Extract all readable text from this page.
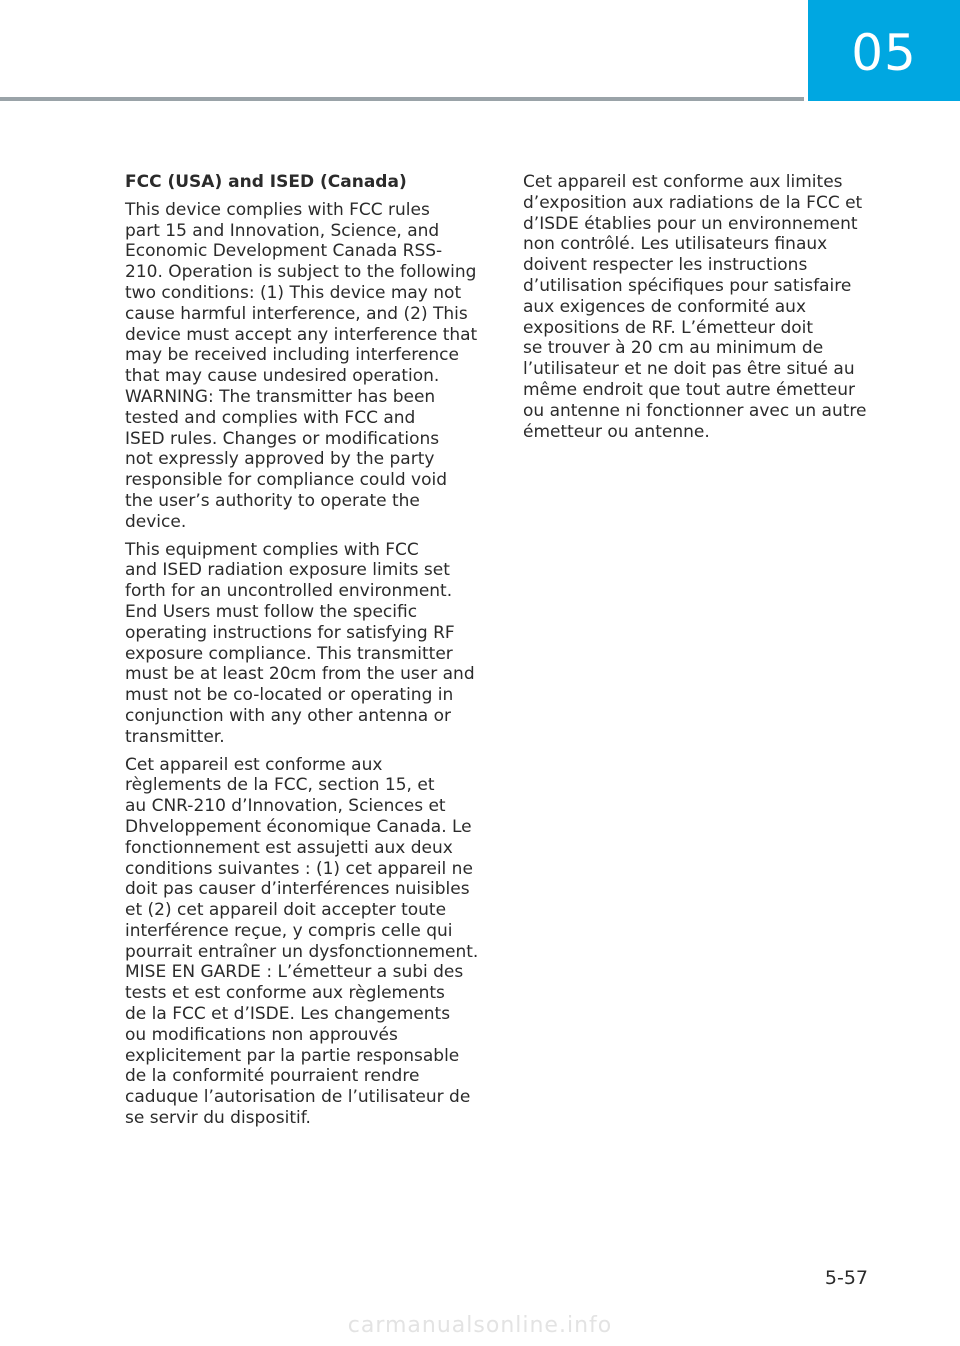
05

FCC (USA) and ISED (Canada)

This device complies with FCC rules
part 15 and Innovation, Science, and
Economic Development Canada RSS-
210. Operation is subject to the following
two conditions: (1) This device may not
cause harmful interference, and (2) This
device must accept any interference that
may be received including interference
that may cause undesired operation.
WARNING: The transmitter has been
tested and complies with FCC and
ISED rules. Changes or modifications
not expressly approved by the party
responsible for compliance could void
the user’s authority to operate the
device.

This equipment complies with FCC
and ISED radiation exposure limits set
forth for an uncontrolled environment.
End Users must follow the specific
operating instructions for satisfying RF
exposure compliance. This transmitter
must be at least 20cm from the user and
must not be co-located or operating in
conjunction with any other antenna or
transmitter.

Cet appareil est conforme aux
règlements de la FCC, section 15, et
au CNR-210 d’Innovation, Sciences et
Dhveloppement économique Canada. Le
fonctionnement est assujetti aux deux
conditions suivantes : (1) cet appareil ne
doit pas causer d’interférences nuisibles
et (2) cet appareil doit accepter toute
interférence reçue, y compris celle qui
pourrait entraîner un dysfonctionnement.
MISE EN GARDE : L’émetteur a subi des
tests et est conforme aux règlements
de la FCC et d’ISDE. Les changements
ou modifications non approuvés
explicitement par la partie responsable
de la conformité pourraient rendre
caduque l’autorisation de l’utilisateur de
se servir du dispositif.

Cet appareil est conforme aux limites
d’exposition aux radiations de la FCC et
d’ISDE établies pour un environnement
non contrôlé. Les utilisateurs finaux
doivent respecter les instructions
d’utilisation spécifiques pour satisfaire
aux exigences de conformité aux
expositions de RF. L’émetteur doit
se trouver à 20 cm au minimum de
l’utilisateur et ne doit pas être situé au
même endroit que tout autre émetteur
ou antenne ni fonctionner avec un autre
émetteur ou antenne.

5-57
carmanualsonline.info
